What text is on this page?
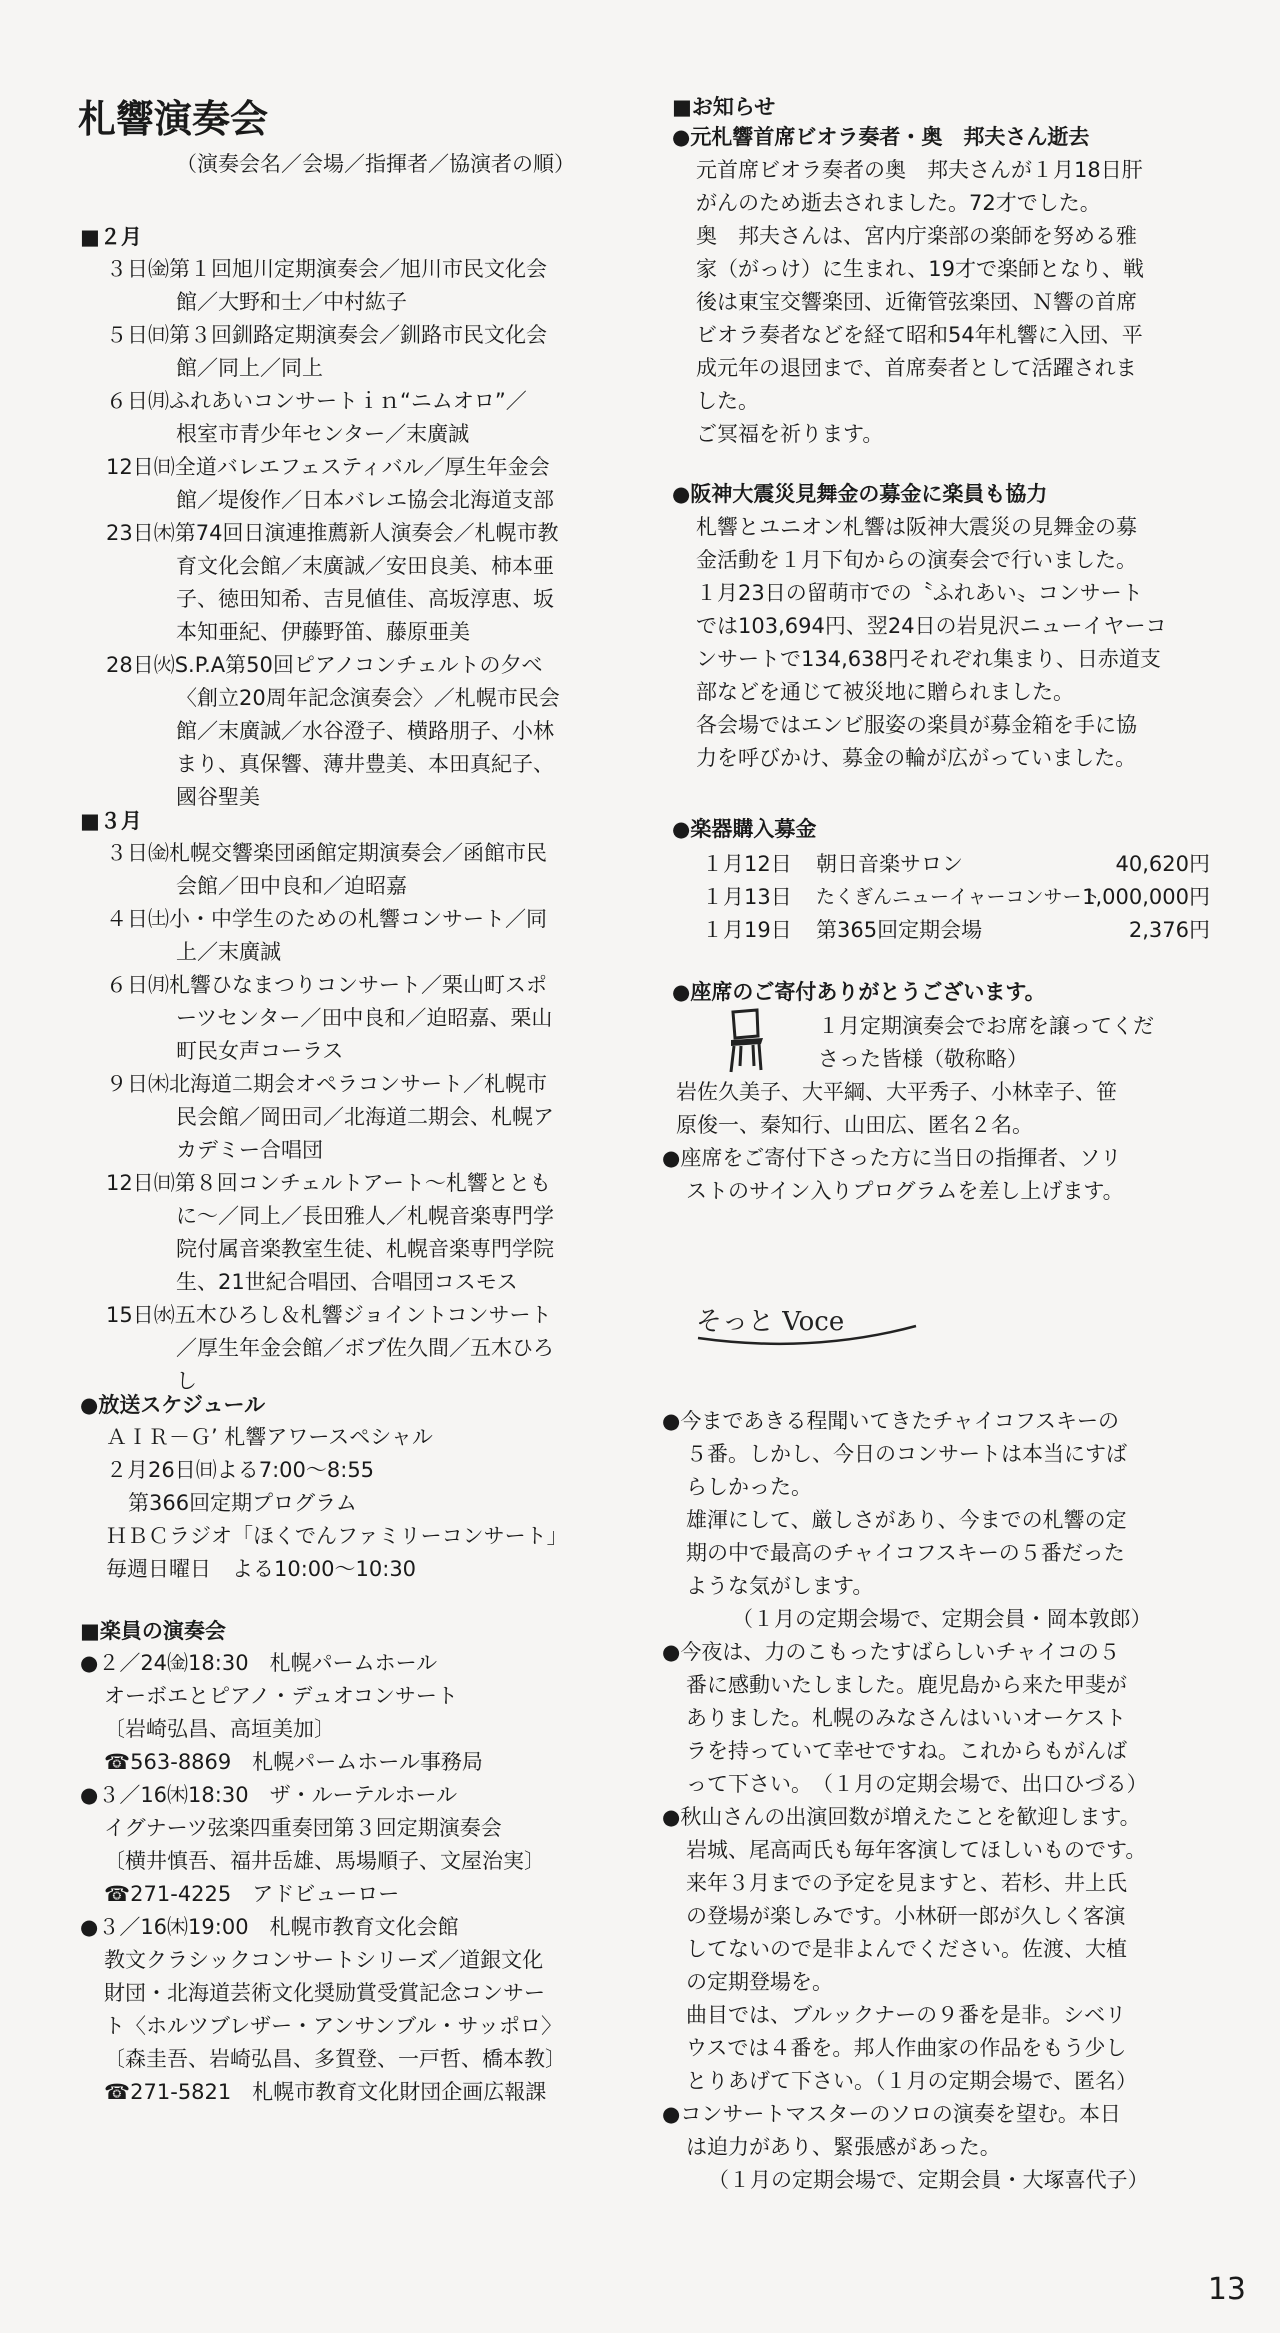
札響演奏会
（演奏会名／会場／指揮者／協演者の順）
■２月
３日㈮第１回旭川定期演奏会／旭川市民文化会
館／大野和士／中村紘子
５日㈰第３回釧路定期演奏会／釧路市民文化会
館／同上／同上
６日㈪ふれあいコンサートｉｎ“ニムオロ”／
根室市青少年センター／末廣誠
12日㈰全道バレエフェスティバル／厚生年金会
館／堤俊作／日本バレエ協会北海道支部
23日㈭第74回日演連推薦新人演奏会／札幌市教
育文化会館／末廣誠／安田良美、柿本亜
子、徳田知希、吉見値佳、高坂淳恵、坂
本知亜紀、伊藤野笛、藤原亜美
28日㈫S.P.A第50回ピアノコンチェルトの夕べ
〈創立20周年記念演奏会〉／札幌市民会
館／末廣誠／水谷澄子、横路朋子、小林
まり、真保響、薄井豊美、本田真紀子、
國谷聖美
■３月
３日㈮札幌交響楽団函館定期演奏会／函館市民
会館／田中良和／迫昭嘉
４日㈯小・中学生のための札響コンサート／同
上／末廣誠
６日㈪札響ひなまつりコンサート／栗山町スポ
ーツセンター／田中良和／迫昭嘉、栗山
町民女声コーラス
９日㈭北海道二期会オペラコンサート／札幌市
民会館／岡田司／北海道二期会、札幌ア
カデミー合唱団
12日㈰第８回コンチェルトアート～札響ととも
に～／同上／長田雅人／札幌音楽専門学
院付属音楽教室生徒、札幌音楽専門学院
生、21世紀合唱団、合唱団コスモス
15日㈬五木ひろし＆札響ジョイントコンサート
／厚生年金会館／ボブ佐久間／五木ひろ
し
●放送スケジュール
ＡＩＲ－Ｇ’ 札響アワースペシャル
２月26日㈰よる7:00～8:55
第366回定期プログラム
ＨＢＣラジオ「ほくでんファミリーコンサート」
毎週日曜日　よる10:00～10:30
■楽員の演奏会
●２／24㈮18:30　札幌パームホール
オーボエとピアノ・デュオコンサート
〔岩崎弘昌、高垣美加〕
☎563-8869　札幌パームホール事務局
●３／16㈭18:30　ザ・ルーテルホール
イグナーツ弦楽四重奏団第３回定期演奏会
〔横井慎吾、福井岳雄、馬場順子、文屋治実〕
☎271-4225　アドビューロー
●３／16㈭19:00　札幌市教育文化会館
教文クラシックコンサートシリーズ／道銀文化
財団・北海道芸術文化奨励賞受賞記念コンサー
ト〈ホルツブレザー・アンサンブル・サッポロ〉
〔森圭吾、岩崎弘昌、多賀登、一戸哲、橋本教〕
☎271-5821　札幌市教育文化財団企画広報課
■お知らせ
●元札響首席ビオラ奏者・奥　邦夫さん逝去
元首席ビオラ奏者の奥　邦夫さんが１月18日肝
がんのため逝去されました。72才でした。
奥　邦夫さんは、宮内庁楽部の楽師を努める雅
家（がっけ）に生まれ、19才で楽師となり、戦
後は東宝交響楽団、近衛管弦楽団、Ｎ響の首席
ビオラ奏者などを経て昭和54年札響に入団、平
成元年の退団まで、首席奏者として活躍されま
した。
ご冥福を祈ります。
●阪神大震災見舞金の募金に楽員も協力
札響とユニオン札響は阪神大震災の見舞金の募
金活動を１月下旬からの演奏会で行いました。
１月23日の留萌市での〝ふれあい〟コンサート
では103,694円、翌24日の岩見沢ニューイヤーコ
ンサートで134,638円それぞれ集まり、日赤道支
部などを通じて被災地に贈られました。
各会場ではエンビ服姿の楽員が募金箱を手に協
力を呼びかけ、募金の輪が広がっていました。
●楽器購入募金
１月12日 朝日音楽サロン	40,620円
１月13日 たくぎんニューイャーコンサート
1,000,000円
１月19日 第365回定期会場	2,376円
●座席のご寄付ありがとうございます。
１月定期演奏会でお席を譲ってくだ
さった皆様（敬称略）
岩佐久美子、大平綱、大平秀子、小林幸子、笹
原俊一、秦知行、山田広、匿名２名。
●座席をご寄付下さった方に当日の指揮者、ソリ
ストのサイン入りプログラムを差し上げます。
●今まであきる程聞いてきたチャイコフスキーの
５番。しかし、今日のコンサートは本当にすば
らしかった。
雄渾にして、厳しさがあり、今までの札響の定
期の中で最高のチャイコフスキーの５番だった
ような気がします。
（１月の定期会場で、定期会員・岡本敦郎）
●今夜は、力のこもったすばらしいチャイコの５
番に感動いたしました。鹿児島から来た甲斐が
ありました。札幌のみなさんはいいオーケスト
ラを持っていて幸せですね。これからもがんば
って下さい。　（１月の定期会場で、出口ひづる）
●秋山さんの出演回数が増えたことを歓迎します。
岩城、尾高両氏も毎年客演してほしいものです。
来年３月までの予定を見ますと、若杉、井上氏
の登場が楽しみです。小林研一郎が久しく客演
してないので是非よんでください。佐渡、大植
の定期登場を。
曲目では、ブルックナーの９番を是非。シベリ
ウスでは４番を。邦人作曲家の作品をもう少し
とりあげて下さい。（１月の定期会場で、匿名）
●コンサートマスターのソロの演奏を望む。本日
は迫力があり、緊張感があった。
（１月の定期会場で、定期会員・大塚喜代子）
そっと Voce
13
